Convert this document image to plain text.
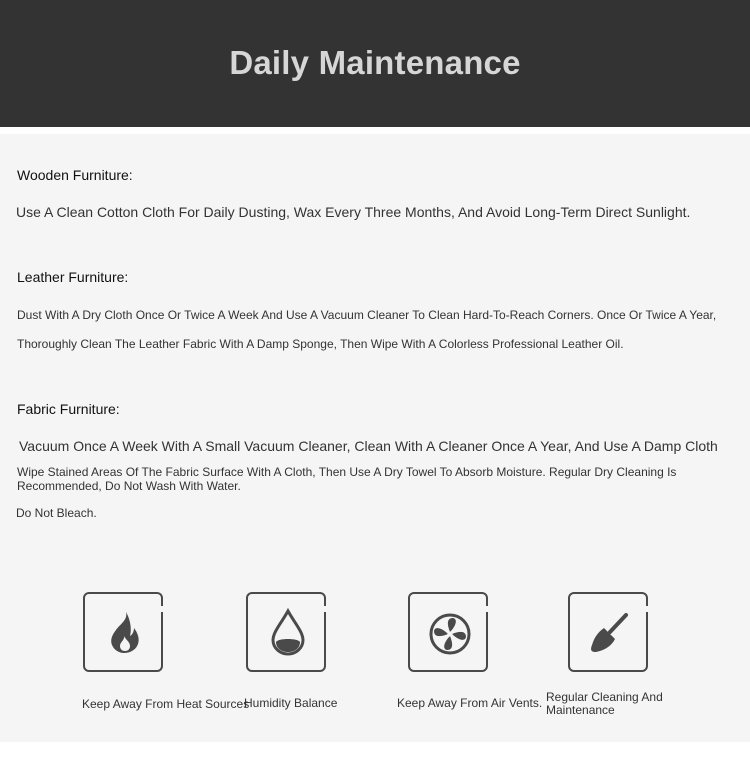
Daily Maintenance
Wooden Furniture:
Use A Clean Cotton Cloth For Daily Dusting, Wax Every Three Months, And Avoid Long-Term Direct Sunlight.
Leather Furniture:
Dust With A Dry Cloth Once Or Twice A Week And Use A Vacuum Cleaner To Clean Hard-To-Reach Corners. Once Or Twice A Year,
Thoroughly Clean The Leather Fabric With A Damp Sponge, Then Wipe With A Colorless Professional Leather Oil.
Fabric Furniture:
Vacuum Once A Week With A Small Vacuum Cleaner, Clean With A Cleaner Once A Year, And Use A Damp Cloth
Wipe Stained Areas Of The Fabric Surface With A Cloth, Then Use A Dry Towel To Absorb Moisture. Regular Dry Cleaning Is Recommended, Do Not Wash With Water.
Do Not Bleach.
Keep Away From Heat Sources
Humidity Balance	Keep Away From Air Vents. Regular Cleaning And Maintenance
